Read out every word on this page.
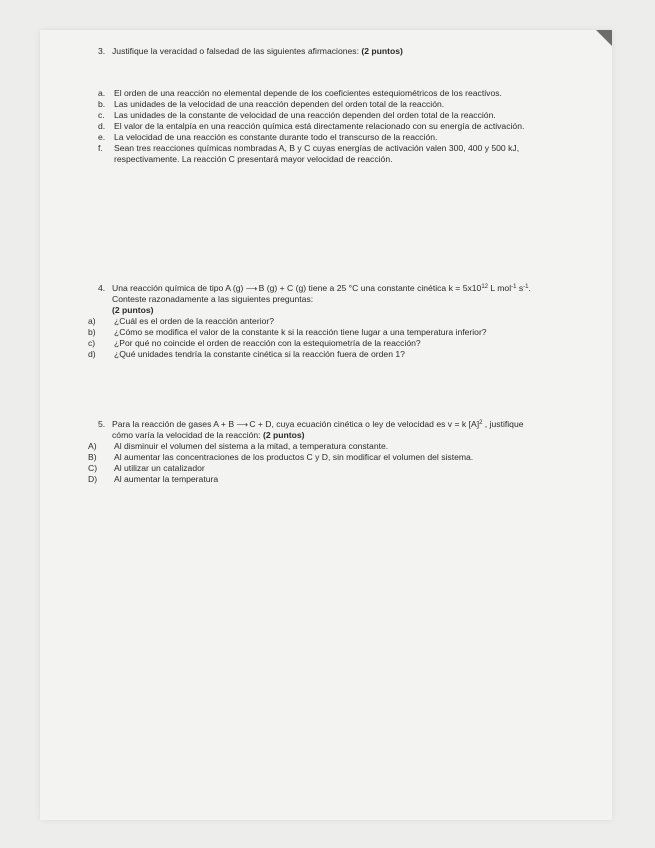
3. Justifique la veracidad o falsedad de las siguientes afirmaciones: (2 puntos)
a.	El orden de una reacción no elemental depende de los coeficientes estequiométricos de los reactivos.
b.	Las unidades de la velocidad de una reacción dependen del orden total de la reacción.
c.	Las unidades de la constante de velocidad de una reacción dependen del orden total de la reacción.
d.	El valor de la entalpía en una reacción química está directamente relacionado con su energía de activación.
e.	La velocidad de una reacción es constante durante todo el transcurso de la reacción.
f.	Sean tres reacciones químicas nombradas A, B y C cuyas energías de activación valen 300, 400 y 500 kJ, respectivamente. La reacción C presentará mayor velocidad de reacción.
4. Una reacción química de tipo A (g) ⟶ B (g) + C (g) tiene a 25 °C una constante cinética $k = 5x10^{12}$ L mol$^{-1}$ $s^{-1}$. Conteste razonadamente a las siguientes preguntas:
(2 puntos)
a)	¿Cuál es el orden de la reacción anterior?
b)	¿Cómo se modifica el valor de la constante k si la reacción tiene lugar a una temperatura inferior?
c)	¿Por qué no coincide el orden de reacción con la estequiometría de la reacción?
d)	¿Qué unidades tendría la constante cinética si la reacción fuera de orden 1?
5. Para la reacción de gases A + B ⟶ C + D, cuya ecuación cinética o ley de velocidad es v = k $[A]^2$ , justifique cómo varía la velocidad de la reacción: (2 puntos)
A)	Al disminuir el volumen del sistema a la mitad, a temperatura constante.
B)	Al aumentar las concentraciones de los productos C y D, sin modificar el volumen del sistema.
C)	Al utilizar un catalizador
D)	Al aumentar la temperatura
